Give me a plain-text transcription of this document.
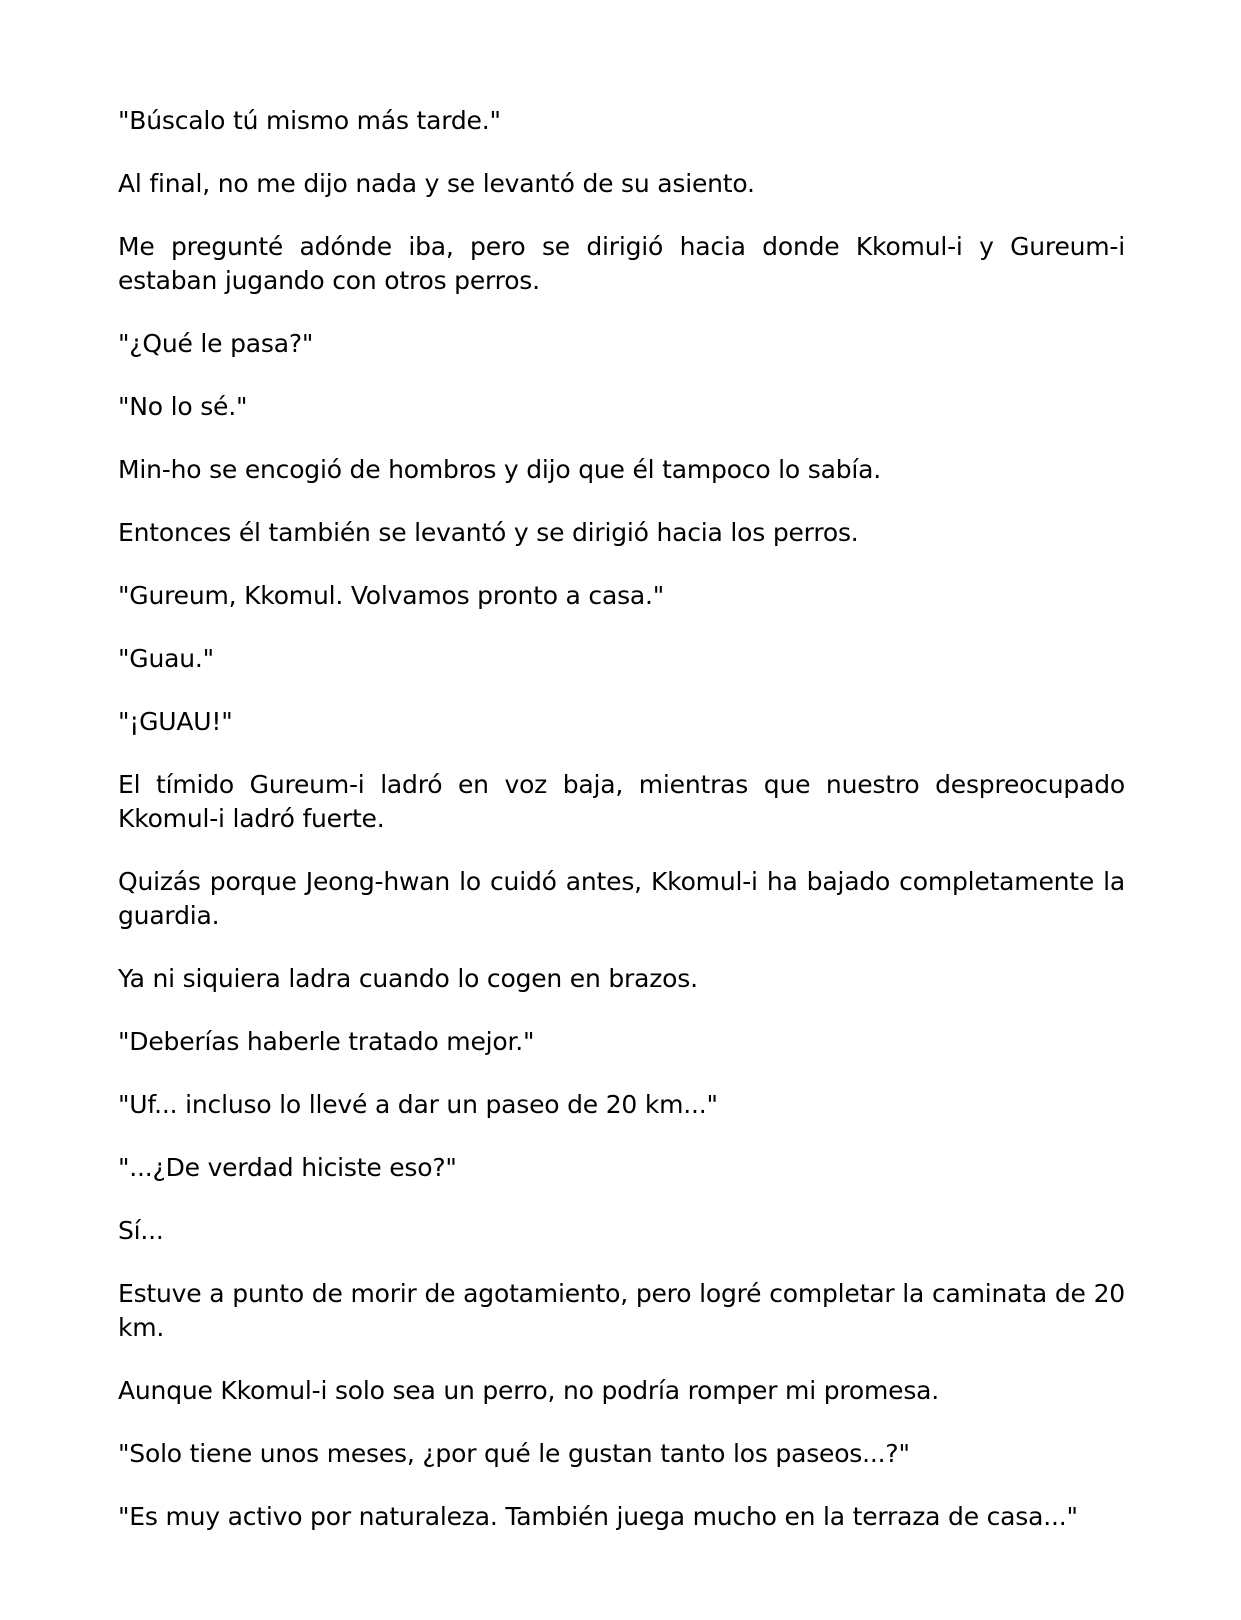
"Búscalo tú mismo más tarde."

Al final, no me dijo nada y se levantó de su asiento.

Me pregunté adónde iba, pero se dirigió hacia donde Kkomul-i y Gureum-i estaban jugando con otros perros.

"¿Qué le pasa?"

"No lo sé."

Min-ho se encogió de hombros y dijo que él tampoco lo sabía.

Entonces él también se levantó y se dirigió hacia los perros.

"Gureum, Kkomul. Volvamos pronto a casa."

"Guau."

"¡GUAU!"

El tímido Gureum-i ladró en voz baja, mientras que nuestro despreocupado Kkomul-i ladró fuerte.

Quizás porque Jeong-hwan lo cuidó antes, Kkomul-i ha bajado completamente la guardia.

Ya ni siquiera ladra cuando lo cogen en brazos.

"Deberías haberle tratado mejor."

"Uf... incluso lo llevé a dar un paseo de 20 km..."

"...¿De verdad hiciste eso?"

Sí...

Estuve a punto de morir de agotamiento, pero logré completar la caminata de 20 km.

Aunque Kkomul-i solo sea un perro, no podría romper mi promesa.

"Solo tiene unos meses, ¿por qué le gustan tanto los paseos...?"

"Es muy activo por naturaleza. También juega mucho en la terraza de casa..."
